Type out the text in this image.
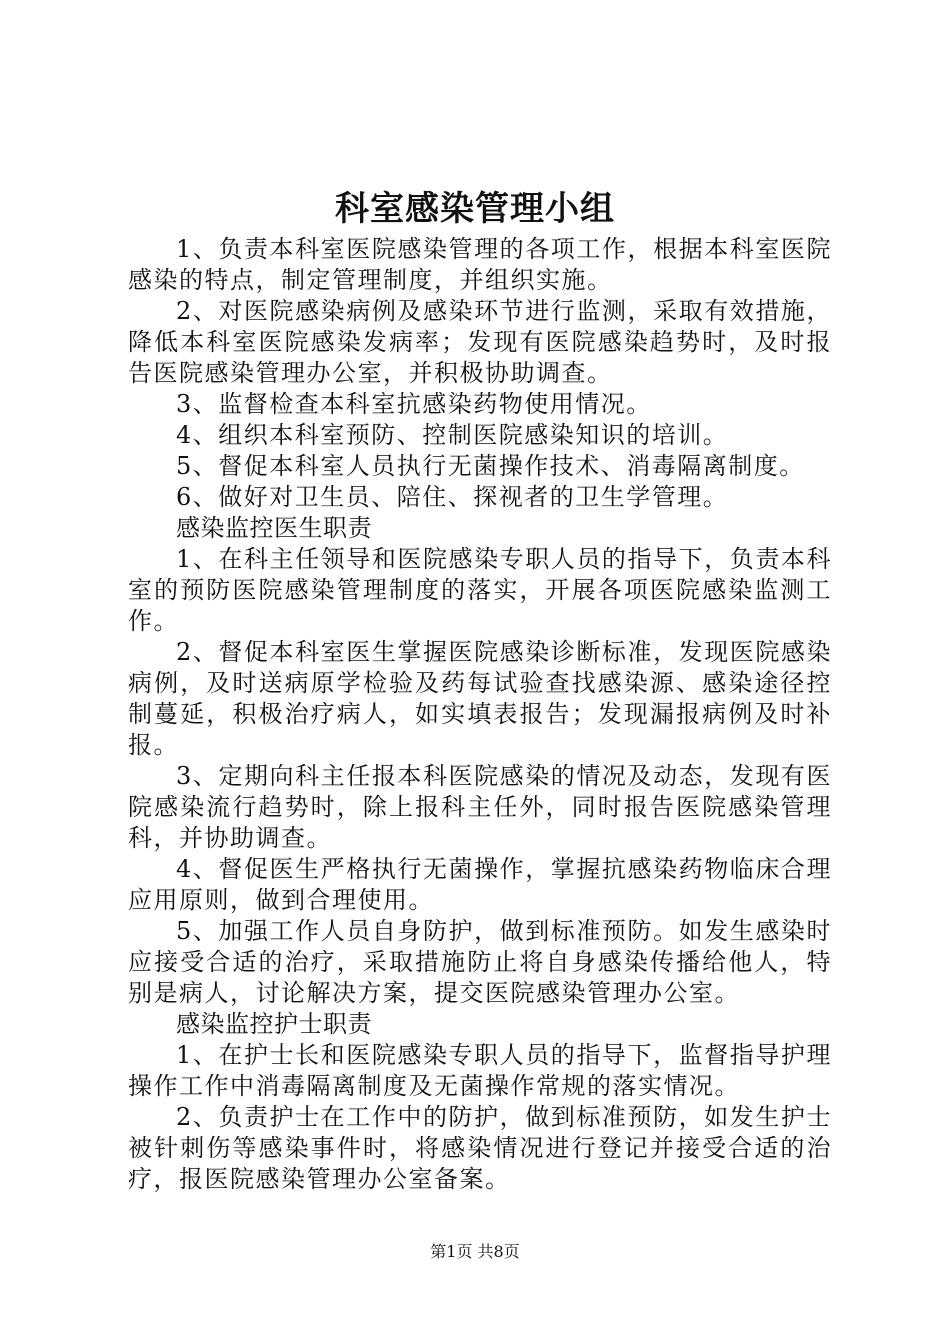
科室感染管理小组

1、负责本科室医院感染管理的各项工作，根据本科室医院感染的特点，制定管理制度，并组织实施。

2、对医院感染病例及感染环节进行监测，采取有效措施，降低本科室医院感染发病率；发现有医院感染趋势时，及时报告医院感染管理办公室，并积极协助调查。

3、监督检查本科室抗感染药物使用情况。

4、组织本科室预防、控制医院感染知识的培训。

5、督促本科室人员执行无菌操作技术、消毒隔离制度。

6、做好对卫生员、陪住、探视者的卫生学管理。

感染监控医生职责

1、在科主任领导和医院感染专职人员的指导下，负责本科室的预防医院感染管理制度的落实，开展各项医院感染监测工作。

2、督促本科室医生掌握医院感染诊断标准，发现医院感染病例，及时送病原学检验及药每试验查找感染源、感染途径控制蔓延，积极治疗病人，如实填表报告；发现漏报病例及时补报。

3、定期向科主任报本科医院感染的情况及动态，发现有医院感染流行趋势时，除上报科主任外，同时报告医院感染管理科，并协助调查。

4、督促医生严格执行无菌操作，掌握抗感染药物临床合理应用原则，做到合理使用。

5、加强工作人员自身防护，做到标准预防。如发生感染时应接受合适的治疗，采取措施防止将自身感染传播给他人，特别是病人，讨论解决方案，提交医院感染管理办公室。

感染监控护士职责

1、在护士长和医院感染专职人员的指导下，监督指导护理操作工作中消毒隔离制度及无菌操作常规的落实情况。

2、负责护士在工作中的防护，做到标准预防，如发生护士被针刺伤等感染事件时，将感染情况进行登记并接受合适的治疗，报医院感染管理办公室备案。

第1页 共8页
